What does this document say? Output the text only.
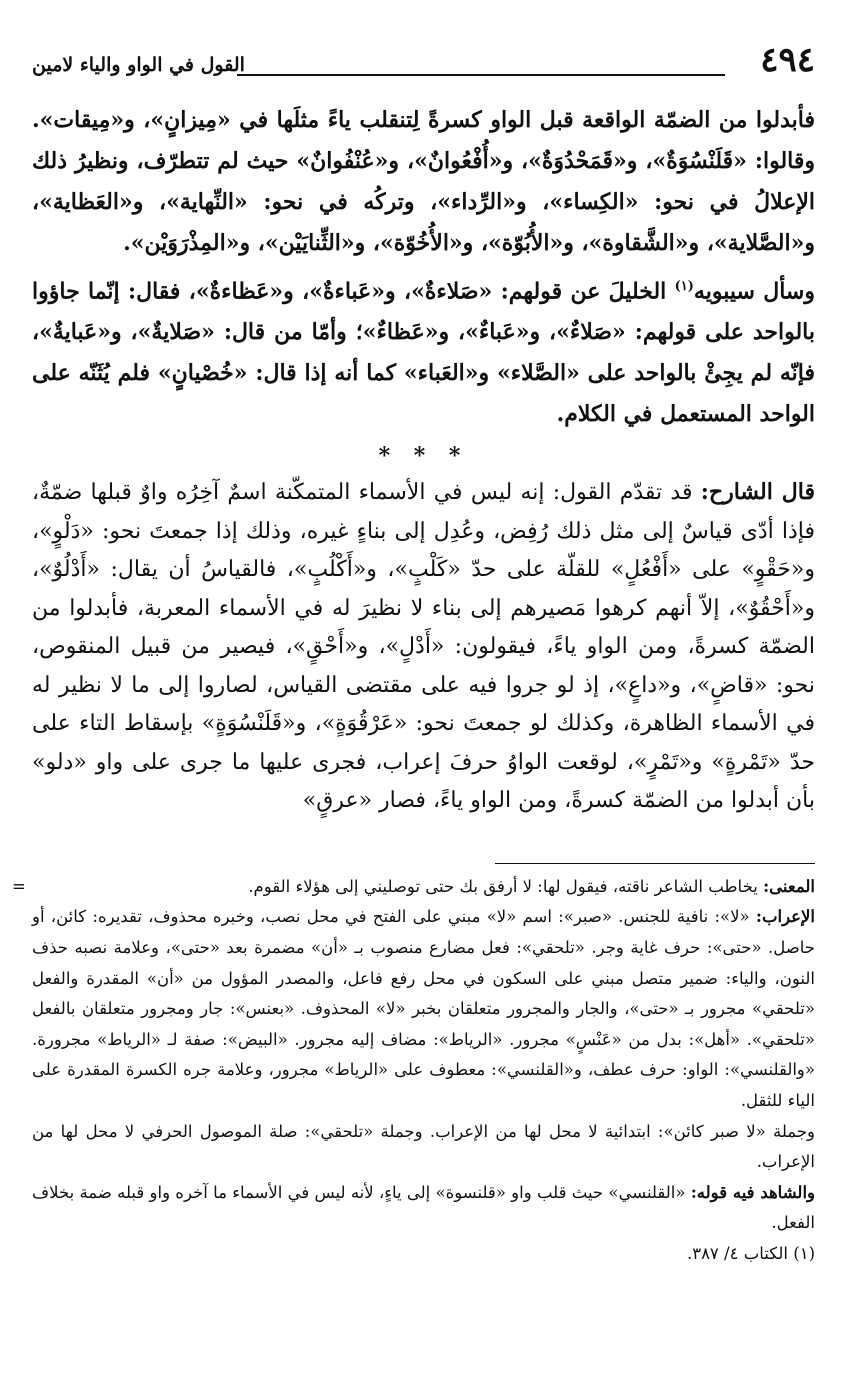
٤٩٤
القول في الواو والياء لامين

فأبدلوا من الضمّة الواقعة قبل الواو كسرةً لِتنقلب ياءً مثلَها في «مِيزانٍ»، و«مِيقات». وقالوا: «قَلَنْسُوَةٌ»، و«قَمَحْدُوَةٌ»، و«أُفْعُوانٌ»، و«عُنْفُوانٌ» حيث لم تتطرّف، ونظيرُ ذلك الإعلالُ في نحو: «الكِساء»، و«الرِّداء»، وتركُه في نحو: «النِّهاية»، و«العَظاية»، و«الصَّلاية»، و«الشَّقاوة»، و«الأُبُوّة»، و«الأُخُوّة»، و«الثِّنايَيْن»، و«المِذْرَوَيْن».

وسأل سيبويه$^{(١)}$ الخليلَ عن قولهم: «صَلاءةٌ»، و«عَباءةٌ»، و«عَظاءةٌ»، فقال: إنّما جاؤوا بالواحد على قولهم: «صَلاءٌ»، و«عَباءٌ»، و«عَظاءٌ»؛ وأمّا من قال: «صَلايةٌ»، و«عَبايةٌ»، فإنّه لم يجِئْ بالواحد على «الصَّلاء» و«العَباء» كما أنه إذا قال: «خُصْيانٍ» فلم يُثَنّه على الواحد المستعمل في الكلام.

* * *

قال الشارح: قد تقدّم القول: إنه ليس في الأسماء المتمكّنة اسمٌ آخِرُه واوٌ قبلها ضمّةٌ، فإذا أدّى قياسٌ إلى مثل ذلك رُفِض، وعُدِل إلى بناءٍ غيره، وذلك إذا جمعتَ نحو: «دَلْوٍ»، و«حَقْوٍ» على «أَفْعُلٍ» للقلّة على حدّ «كَلْبٍ»، و«أَكْلُبٍ»، فالقياسُ أن يقال: «أَدْلُوٌ»، و«أَحْقُوٌ»، إلاّ أنهم كرهوا مَصيرهم إلى بناء لا نظيرَ له في الأسماء المعربة، فأبدلوا من الضمّة كسرةً، ومن الواو ياءً، فيقولون: «أَدْلٍ»، و«أَحْقٍ»، فيصير من قبيل المنقوص، نحو: «قاضٍ»، و«داعٍ»، إذ لو جروا فيه على مقتضى القياس، لصاروا إلى ما لا نظير له في الأسماء الظاهرة، وكذلك لو جمعتَ نحو: «عَرْقُوَةٍ»، و«قَلَنْسُوَةٍ» بإسقاط التاء على حدّ «تَمْرةٍ» و«تَمْرٍ»، لوقعت الواوُ حرفَ إعراب، فجرى عليها ما جرى على واو «دلو» بأن أبدلوا من الضمّة كسرةً، ومن الواو ياءً، فصار «عرقٍ»

=	المعنى: يخاطب الشاعر ناقته، فيقول لها: لا أرفق بك حتى توصليني إلى هؤلاء القوم.

الإعراب: «لا»: نافية للجنس. «صبر»: اسم «لا» مبني على الفتح في محل نصب، وخبره محذوف، تقديره: كائن، أو حاصل. «حتى»: حرف غاية وجر. «تلحقي»: فعل مضارع منصوب بـ «أن» مضمرة بعد «حتى»، وعلامة نصبه حذف النون، والياء: ضمير متصل مبني على السكون في محل رفع فاعل، والمصدر المؤول من «أن» المقدرة والفعل «تلحقي» مجرور بـ «حتى»، والجار والمجرور متعلقان بخبر «لا» المحذوف. «بعنس»: جار ومجرور متعلقان بالفعل «تلحقي». «أهل»: بدل من «عَنْسٍ» مجرور. «الرياط»: مضاف إليه مجرور. «البيض»: صفة لـ «الرياط» مجرورة. «والقلنسي»: الواو: حرف عطف، و«القلنسي»: معطوف على «الرياط» مجرور، وعلامة جره الكسرة المقدرة على الياء للثقل.

وجملة «لا صبر كائن»: ابتدائية لا محل لها من الإعراب. وجملة «تلحقي»: صلة الموصول الحرفي لا محل لها من الإعراب.

والشاهد فيه قوله: «القلنسي» حيث قلب واو «قلنسوة» إلى ياءٍ، لأنه ليس في الأسماء ما آخره واو قبله ضمة بخلاف الفعل.

(١) الكتاب ٤/ ٣٨٧.
